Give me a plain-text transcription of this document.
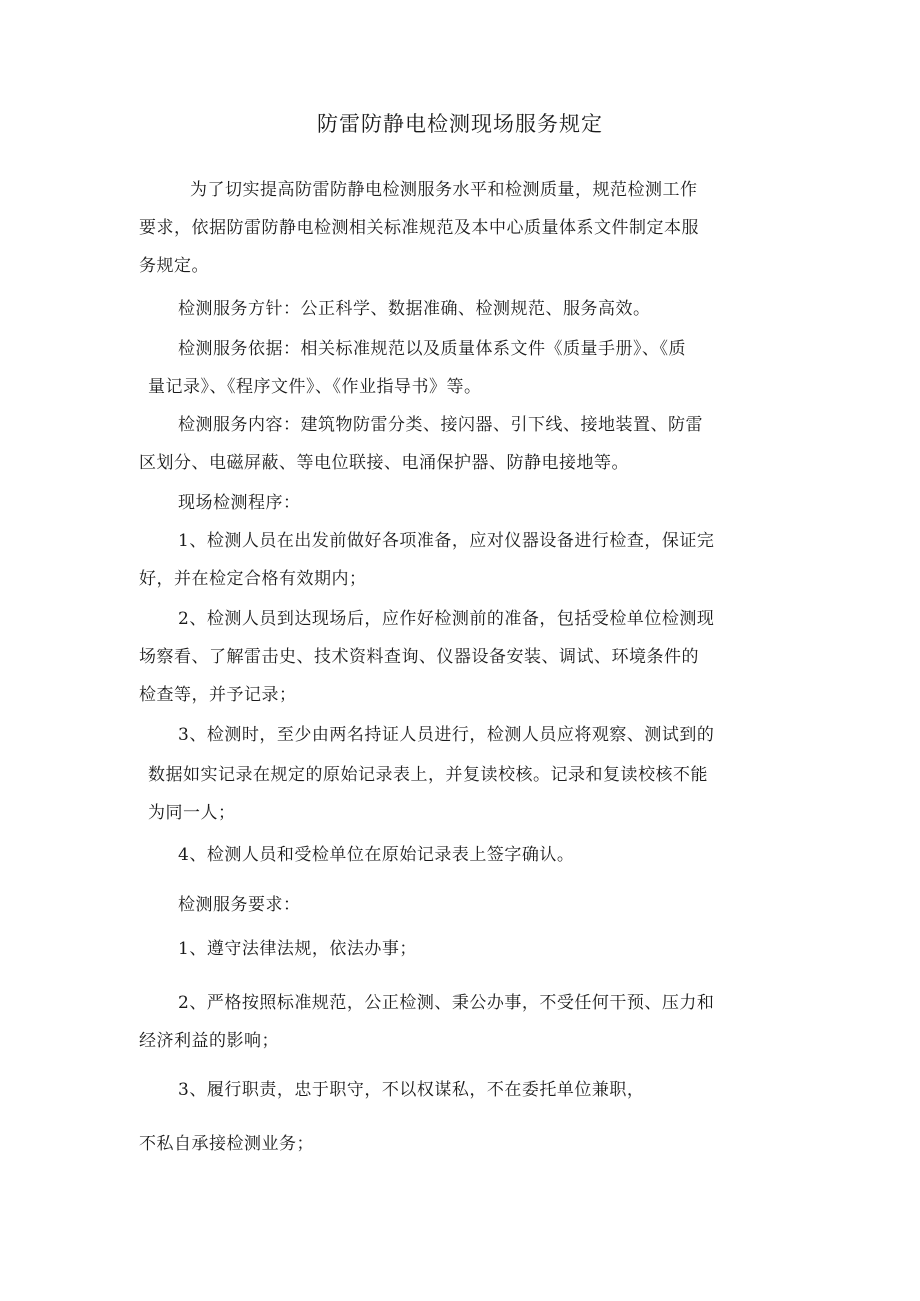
防雷防静电检测现场服务规定

为了切实提高防雷防静电检测服务水平和检测质量，规范检测工作

要求，依据防雷防静电检测相关标准规范及本中心质量体系文件制定本服

务规定。

检测服务方针：公正科学、数据准确、检测规范、服务高效。

检测服务依据：相关标准规范以及质量体系文件《质量手册》、《质

量记录》、《程序文件》、《作业指导书》等。

检测服务内容：建筑物防雷分类、接闪器、引下线、接地装置、防雷

区划分、电磁屏蔽、等电位联接、电涌保护器、防静电接地等。

现场检测程序：

1、检测人员在出发前做好各项准备，应对仪器设备进行检查，保证完

好，并在检定合格有效期内；

2、检测人员到达现场后，应作好检测前的准备，包括受检单位检测现

场察看、了解雷击史、技术资料查询、仪器设备安装、调试、环境条件的

检查等，并予记录；

3、检测时，至少由两名持证人员进行，检测人员应将观察、测试到的

数据如实记录在规定的原始记录表上，并复读校核。记录和复读校核不能

为同一人；

4、检测人员和受检单位在原始记录表上签字确认。

检测服务要求：

1、遵守法律法规，依法办事；

2、严格按照标准规范，公正检测、秉公办事，不受任何干预、压力和

经济利益的影响；

3、履行职责，忠于职守，不以权谋私，不在委托单位兼职，

不私自承接检测业务；
